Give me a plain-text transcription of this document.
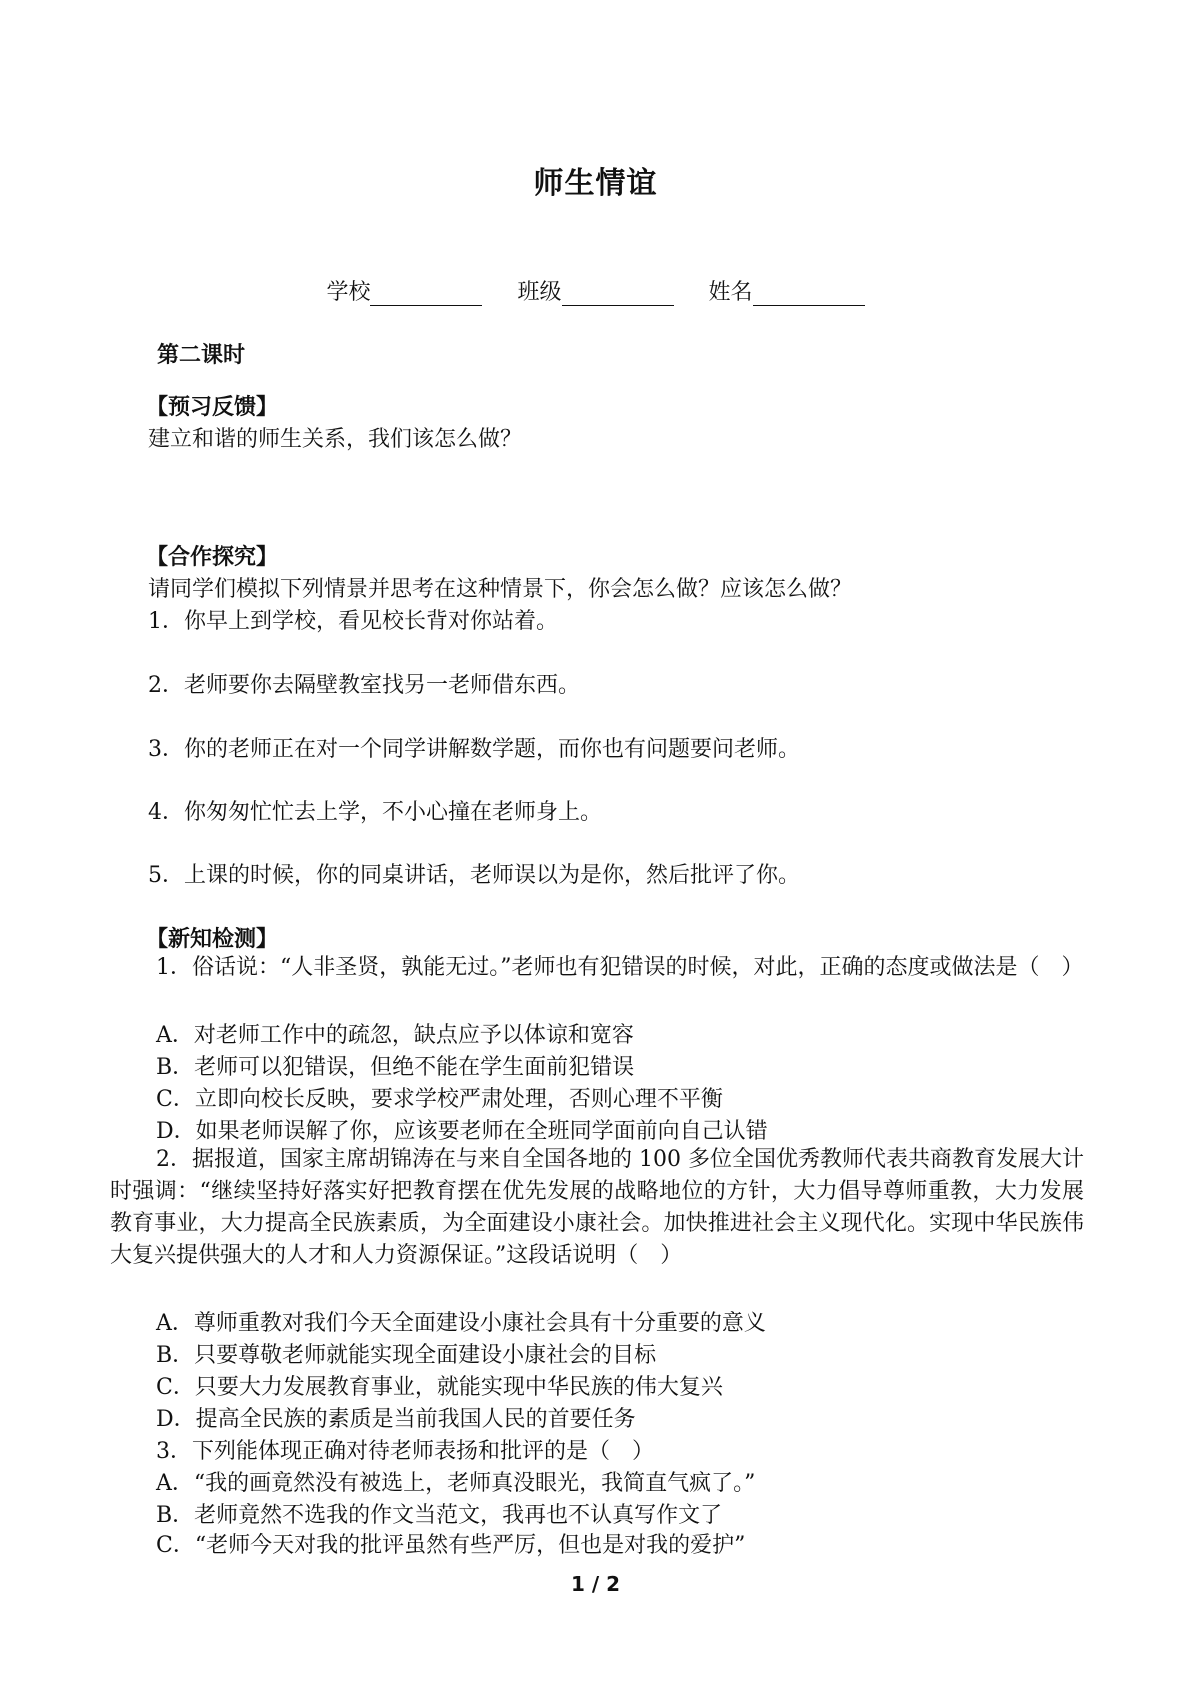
师生情谊
学校	班级	姓名
第二课时
【预习反馈】
建立和谐的师生关系，我们该怎么做？
【合作探究】
请同学们模拟下列情景并思考在这种情景下，你会怎么做？应该怎么做？
1．你早上到学校，看见校长背对你站着。
2．老师要你去隔壁教室找另一老师借东西。
3．你的老师正在对一个同学讲解数学题，而你也有问题要问老师。
4．你匆匆忙忙去上学，不小心撞在老师身上。
5．上课的时候，你的同桌讲话，老师误以为是你，然后批评了你。
【新知检测】
1．俗话说：“人非圣贤，孰能无过。”老师也有犯错误的时候，对此，正确的态度或做法是（　）
A．对老师工作中的疏忽，缺点应予以体谅和宽容
B．老师可以犯错误，但绝不能在学生面前犯错误
C．立即向校长反映，要求学校严肃处理，否则心理不平衡
D．如果老师误解了你，应该要老师在全班同学面前向自己认错
2．据报道，国家主席胡锦涛在与来自全国各地的 100 多位全国优秀教师代表共商教育发展大计时强调：“继续坚持好落实好把教育摆在优先发展的战略地位的方针，大力倡导尊师重教，大力发展教育事业，大力提高全民族素质，为全面建设小康社会。加快推进社会主义现代化。实现中华民族伟大复兴提供强大的人才和人力资源保证。”这段话说明（　）
A．尊师重教对我们今天全面建设小康社会具有十分重要的意义
B．只要尊敬老师就能实现全面建设小康社会的目标
C．只要大力发展教育事业，就能实现中华民族的伟大复兴
D．提高全民族的素质是当前我国人民的首要任务
3．下列能体现正确对待老师表扬和批评的是（　）
A．“我的画竟然没有被选上，老师真没眼光，我简直气疯了。”
B．老师竟然不选我的作文当范文，我再也不认真写作文了
C．“老师今天对我的批评虽然有些严厉，但也是对我的爱护”
1 / 2
